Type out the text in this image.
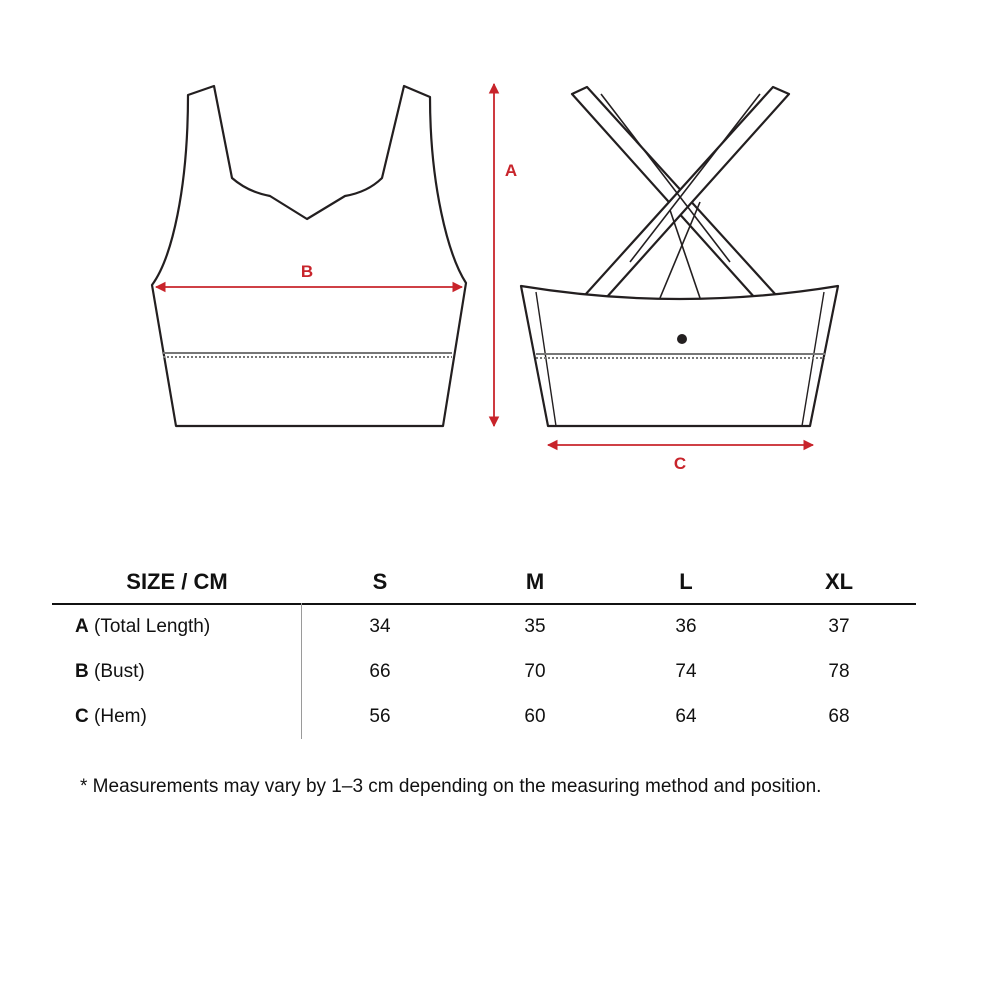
B
A
C
SIZE / CM	S	M	L	XL
A (Total Length)	34	35	36	37
B (Bust)	66	70	74	78
C (Hem)	56	60	64	68
* Measurements may vary by 1–3 cm depending on the measuring method and position.
